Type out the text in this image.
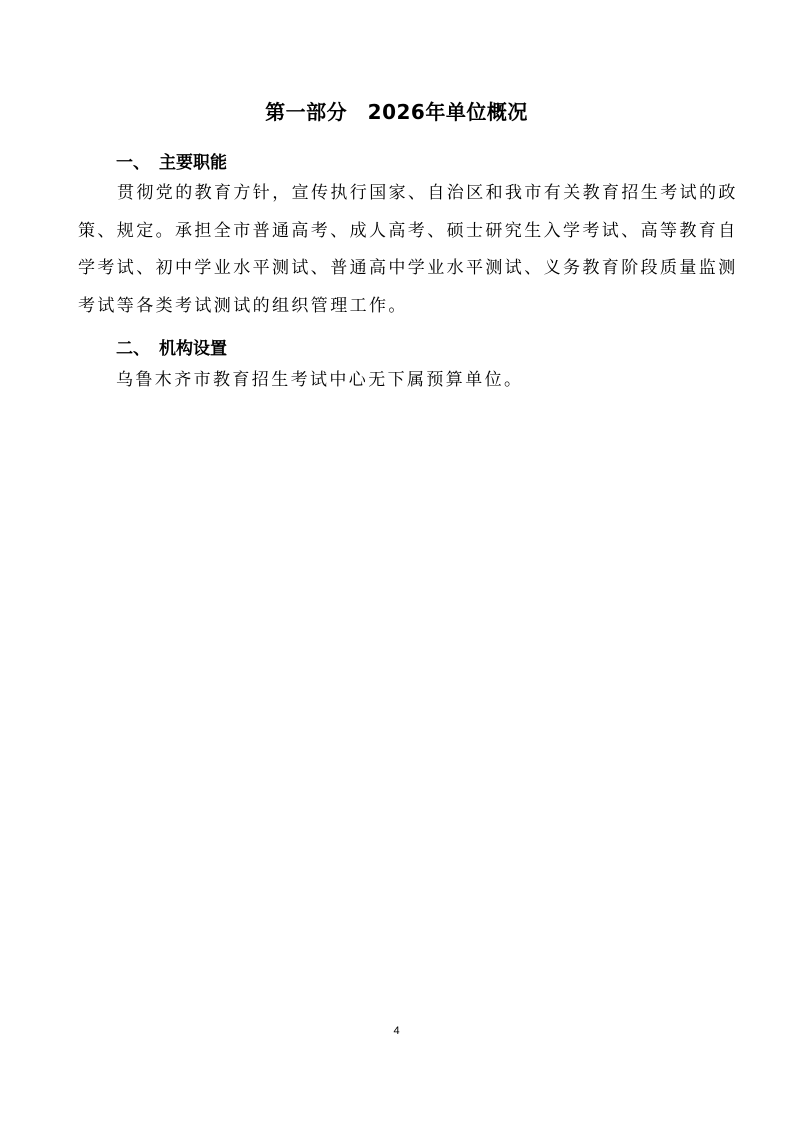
第一部分　2026年单位概况
一、 主要职能
贯彻党的教育方针，宣传执行国家、自治区和我市有关教育招生考试的政
策、规定。承担全市普通高考、成人高考、硕士研究生入学考试、高等教育自
学考试、初中学业水平测试、普通高中学业水平测试、义务教育阶段质量监测
考试等各类考试测试的组织管理工作。
二、 机构设置
乌鲁木齐市教育招生考试中心无下属预算单位。
4
